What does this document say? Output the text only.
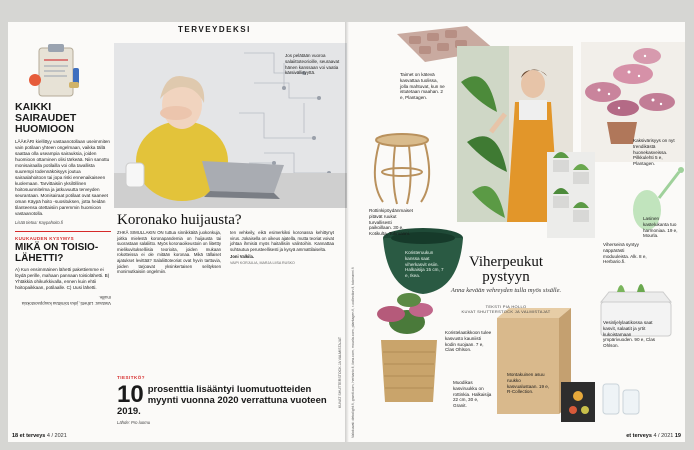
TERVEYDEKSI
KAIKKI SAIRAUDET HUOMIOON
LÄÄKÄRI kiellittyy vastaanotollaan useimmiten vain potilaan yhteen ongelmaan, vaikka tällä saattaa olla useampia sairauksia, joiden huomioon ottaminen olisi tärkeää. Niin sanottu monisairaalla potilailla voi olla tavallista suurempi todennäköisyys joutua sairaalahoitoon tai jopa riski ennenaikaiseen kuolemaan. Tarvittaisiin yksilöllinen hoitosuunnitelma ja jatkuvuutta terveyden seurantaan. Monisairaat potilaat ovat saaneet oman Käypä hoito -suosituksen, jotta heidän tilanteensa otettaisiin paremmin huomioon vastaanotolla.
Lisää tietoa: Kaypahoito.fi
KUUKAUDEN KYSYMYS
MIKÄ ON TOISIO-LÄHETTI?
A) Kun ensimmäinen lähetti pakettiemme ei löydä perille, mahaan pannaan toisiolähetti. B) Yhtäkkiä ohikurkkivalla, ennen kuin ehtii hoitopaikkaan, potilaalle. C) Uusi lähetti.
Vastaus: Lähetti, joka toimittaa kauppaostoksia muille.
Jos pelätään vuoroa salaiittoteorioille, seuraavat hänen kanssaan voi vaatia kärsivällisyyttä.
Koronako huijausta?
ZHKÄ SIMULLAKIN ON tuttua sinnikkäitä juokonkuja, joitka mielestä koronapandemia on huijausta tai suorastaan salaliitto. Myös koronaoikeustoin on liitettty mielikuvitukselliisia teorioita, joiden mukaan rokotteissa ei ole mitään koronaa. Mikä tällaiset ajatukset levittää? Salaliittoteoriat ovat hyvin tarttuvia, joiden tarjoavat yksinkertaisen selityksen monimutkaisiin ongelmiin.
ten vehkeily, eikä esimerkiksi koronassa kehittynyt virus. Jokaisella on oikeus ajatella, mutta teoriat voivat johtaa ihmisiä myös haitallisiin valintoihin. Kannattaa suhtautua perusteellisesti ja kysyä ammattilaiselta.
Joni Valkila.
VAIPI KORJULIA, MARJA LIISA RUSKO
KUVAT SHUTTERSTOCK JA VALMISTAJAT
TIESITKÖ?
10 prosenttia lisääntyi luomutuotteiden myynti vuonna 2020 verrattuna vuoteen 2019.
Lähde: Pro luomu
18 et terveys 4 / 2021
Taimet on kätevä kasvattaa tuolissa, jolla mahtuvat, kun ne istutetaan maahan. 2 e, Plantagen.
Kaksivärisyys on nyt trendikästä huonekasveissa. Pilkkulehti 5 e, Plantagen.
Rottinkipöydänmaiset pitävät ruukut turvallisesti paikoillaan. 30 e, Kotikulta, Tokmanni.
Koristeruukun kanssa saat viherkasvit esiin. Halkaisija 15 cm, 7 e, Ikea.
Lasinen kastelukanta tuo harmoniaa. 19 e, Mourla.
Viherseinä syntyy näppärästi moduuleista. Alk. 8 e, Herbario.fi.
Vesinljelylaatikossa saat kasvit, salaatit ja yrtit kukoistamaan ympärivuoden. 90 e, Clas Ohlson.
Koristelaatikkoon tulee kasvusto kauniisti kodin suojaan. 7 e, Clas Ohlson.
Muodikas kasviruukku on rottinkia. Halkaisija 22 cm, 30 e, Granit.
Montakuinen asuu ruukko kasvualustaan. 19 e, R-Collection.
Viherpeukut pystyyn
Anna kevään vehreyden tulla myös sisälle.
TEKSTI PIA HOLLO
KUVAT SHUTTERSTOCK JA VALMISTAJAT
Valokuvat: dekolight.fi, granit.com, herbario.fi, ikea.com, mourla.com, plantagen.fi, r-collection.fi, tokmanni.fi	et terveys 4 / 2021 19
